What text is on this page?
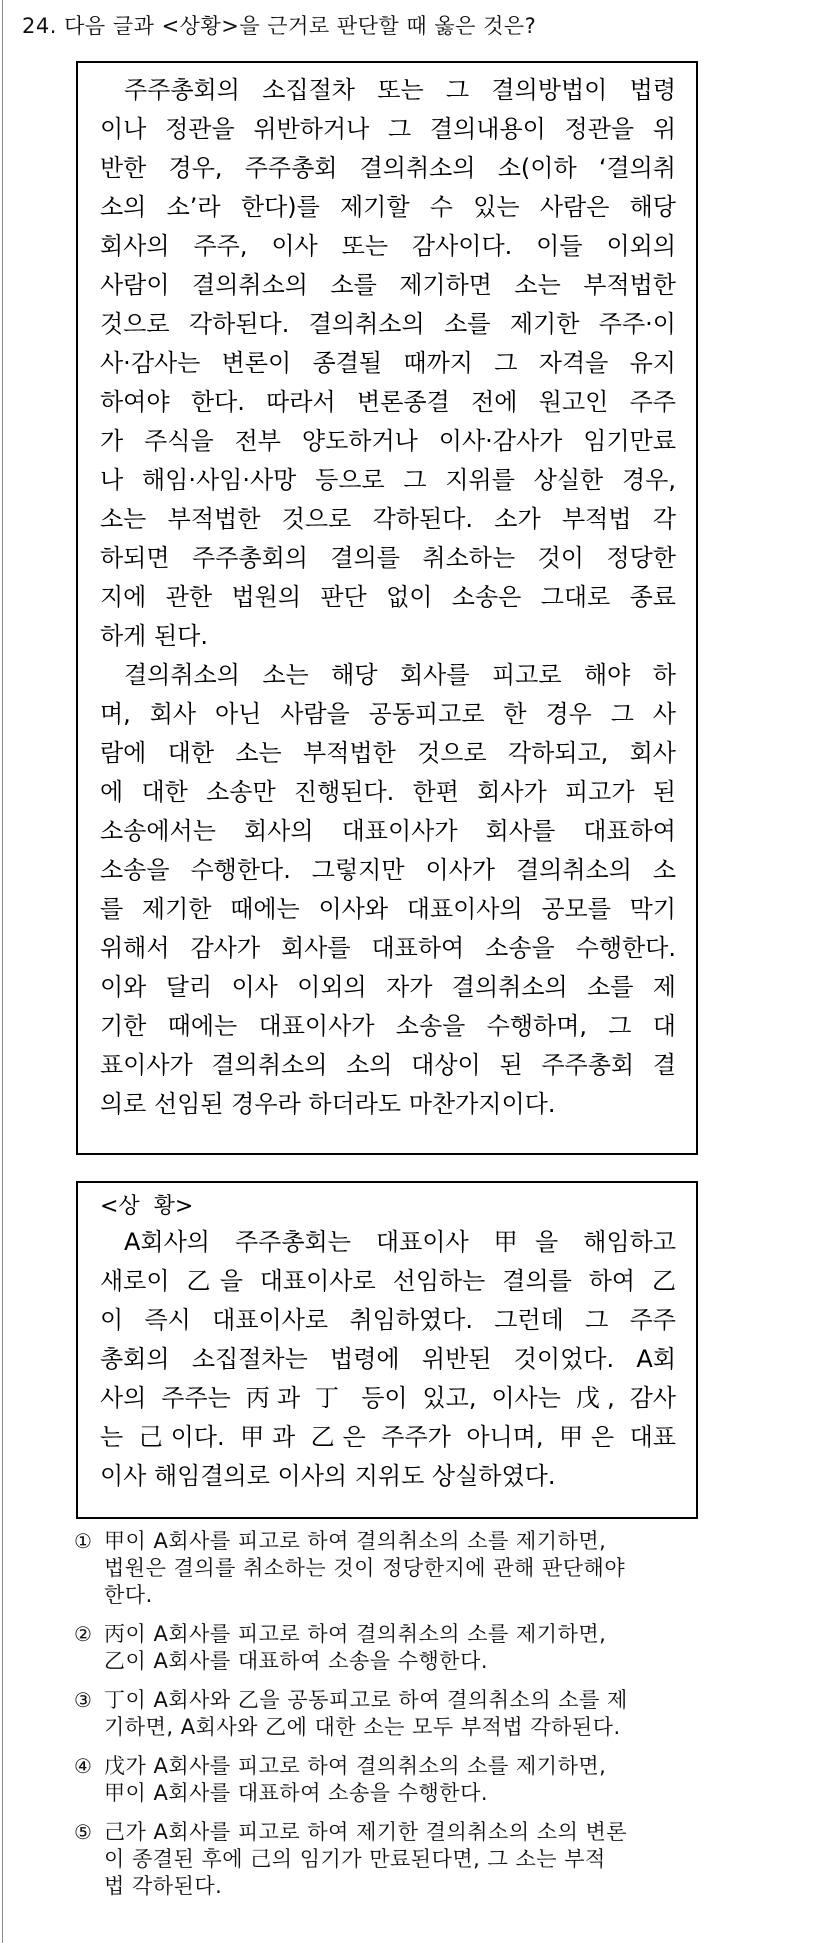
24. 다음 글과 <상황>을 근거로 판단할 때 옳은 것은?
주주총회의 소집절차 또는 그 결의방법이 법령
이나 정관을 위반하거나 그 결의내용이 정관을 위
반한 경우, 주주총회 결의취소의 소(이하 ‘결의취
소의 소’라 한다)를 제기할 수 있는 사람은 해당
회사의 주주, 이사 또는 감사이다. 이들 이외의
사람이 결의취소의 소를 제기하면 소는 부적법한
것으로 각하된다. 결의취소의 소를 제기한 주주·이
사·감사는 변론이 종결될 때까지 그 자격을 유지
하여야 한다. 따라서 변론종결 전에 원고인 주주
가 주식을 전부 양도하거나 이사·감사가 임기만료
나 해임·사임·사망 등으로 그 지위를 상실한 경우,
소는 부적법한 것으로 각하된다. 소가 부적법 각
하되면 주주총회의 결의를 취소하는 것이 정당한
지에 관한 법원의 판단 없이 소송은 그대로 종료
하게 된다.
결의취소의 소는 해당 회사를 피고로 해야 하
며, 회사 아닌 사람을 공동피고로 한 경우 그 사
람에 대한 소는 부적법한 것으로 각하되고, 회사
에 대한 소송만 진행된다. 한편 회사가 피고가 된
소송에서는 회사의 대표이사가 회사를 대표하여
소송을 수행한다. 그렇지만 이사가 결의취소의 소
를 제기한 때에는 이사와 대표이사의 공모를 막기
위해서 감사가 회사를 대표하여 소송을 수행한다.
이와 달리 이사 이외의 자가 결의취소의 소를 제
기한 때에는 대표이사가 소송을 수행하며, 그 대
표이사가 결의취소의 소의 대상이 된 주주총회 결
의로 선임된 경우라 하더라도 마찬가지이다.
<상  황>
A회사의 주주총회는 대표이사 甲을 해임하고
새로이 乙을 대표이사로 선임하는 결의를 하여 乙
이 즉시 대표이사로 취임하였다. 그런데 그 주주
총회의 소집절차는 법령에 위반된 것이었다. A회
사의 주주는 丙과 丁 등이 있고, 이사는 戊, 감사
는 己이다. 甲과 乙은 주주가 아니며, 甲은 대표
이사 해임결의로 이사의 지위도 상실하였다.
① 甲이 A회사를 피고로 하여 결의취소의 소를 제기하면,
법원은 결의를 취소하는 것이 정당한지에 관해 판단해야
한다.
② 丙이 A회사를 피고로 하여 결의취소의 소를 제기하면,
乙이 A회사를 대표하여 소송을 수행한다.
③ 丁이 A회사와 乙을 공동피고로 하여 결의취소의 소를 제
기하면, A회사와 乙에 대한 소는 모두 부적법 각하된다.
④ 戊가 A회사를 피고로 하여 결의취소의 소를 제기하면,
甲이 A회사를 대표하여 소송을 수행한다.
⑤ 己가 A회사를 피고로 하여 제기한 결의취소의 소의 변론
이 종결된 후에 己의 임기가 만료된다면, 그 소는 부적
법 각하된다.
